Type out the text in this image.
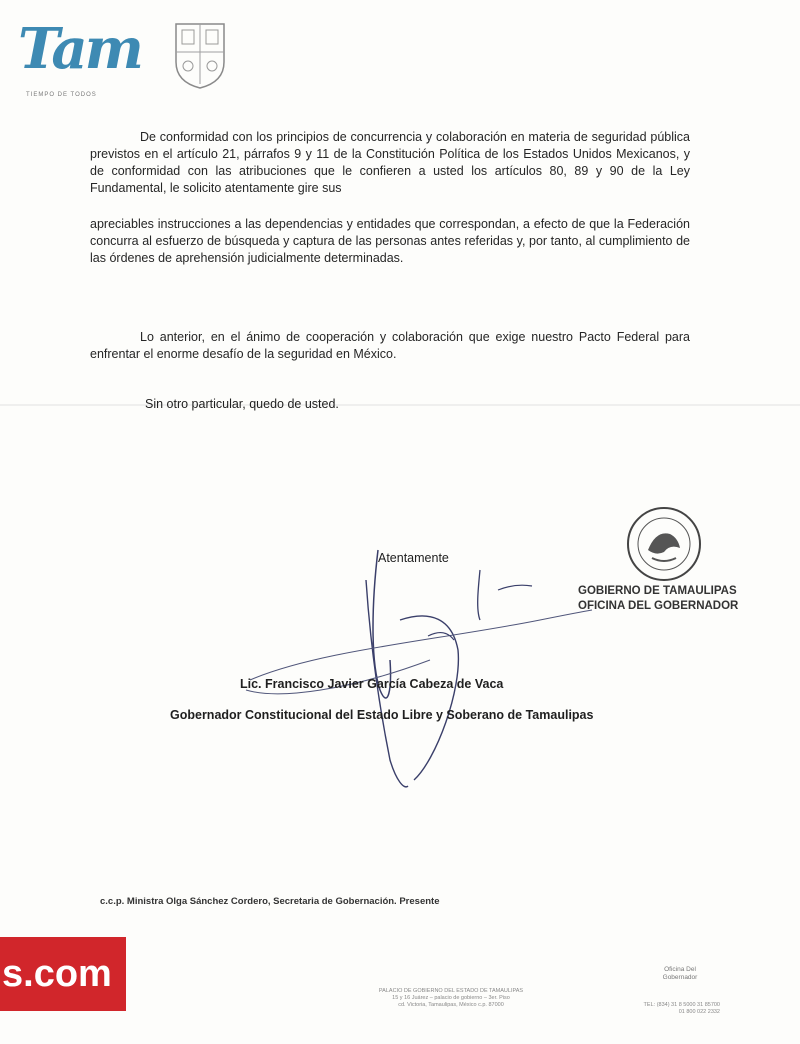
Tam
TIEMPO DE TODOS

De conformidad con los principios de concurrencia y colaboración en materia de seguridad pública previstos en el artículo 21, párrafos 9 y 11 de la Constitución Política de los Estados Unidos Mexicanos, y de conformidad con las atribuciones que le confieren a usted los artículos 80, 89 y 90 de la Ley Fundamental, le solicito atentamente gire sus

apreciables instrucciones a las dependencias y entidades que correspondan, a efecto de que la Federación concurra al esfuerzo de búsqueda y captura de las personas antes referidas y, por tanto, al cumplimiento de las órdenes de aprehensión judicialmente determinadas.

Lo anterior, en el ánimo de cooperación y colaboración que exige nuestro Pacto Federal para enfrentar el enorme desafío de la seguridad en México.

Sin otro particular, quedo de usted.
Atentamente
GOBIERNO DE TAMAULIPAS
OFICINA DEL GOBERNADOR
Lic. Francisco Javier García Cabeza de Vaca
Gobernador Constitucional del Estado Libre y Soberano de Tamaulipas
c.c.p. Ministra Olga Sánchez Cordero, Secretaria de Gobernación. Presente
s.com	PALACIO DE GOBIERNO DEL ESTADO DE TAMAULIPAS
15 y 16 Juárez – palacio de gobierno – 3er. Piso
cd. Victoria, Tamaulipas, México c.p. 87000
Oficina Del
Gobernador
TEL: (834) 31 8 5000 31 85700
01 800 022 2332
